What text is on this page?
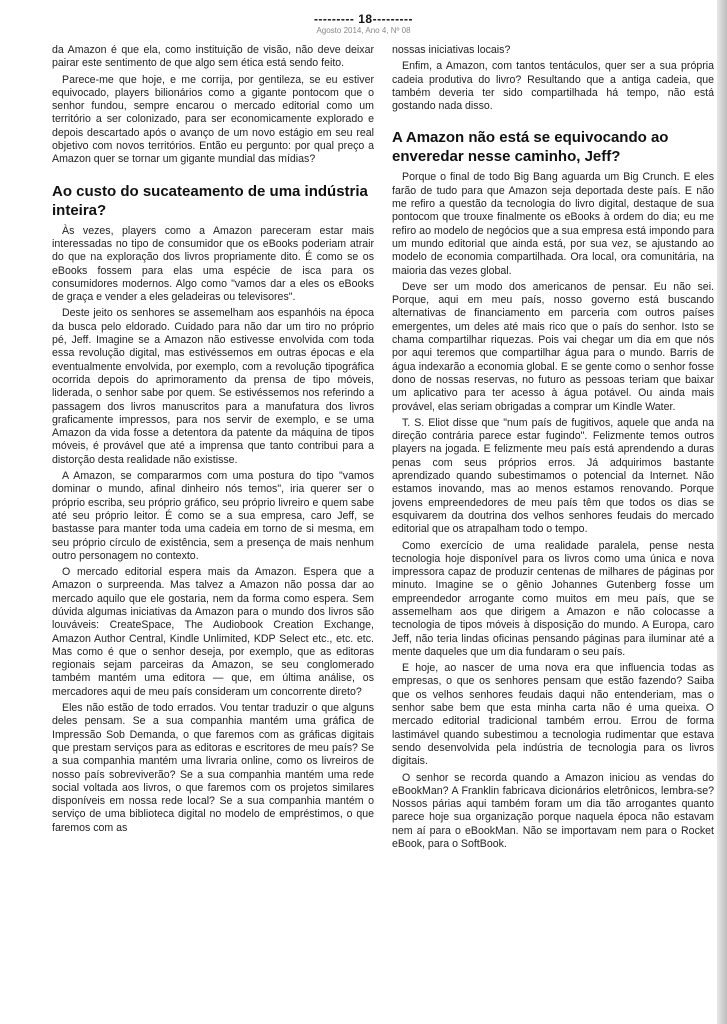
--------- 18---------
Agosto 2014, Ano 4, Nº 08

da Amazon é que ela, como instituição de visão, não deve deixar pairar este sentimento de que algo sem ética está sendo feito.

Parece-me que hoje, e me corrija, por gentileza, se eu estiver equivocado, players bilionários como a gigante pontocom que o senhor fundou, sempre encarou o mercado editorial como um território a ser colonizado, para ser economicamente explorado e depois descartado após o avanço de um novo estágio em seu real objetivo com novos territórios. Então eu pergunto: por qual preço a Amazon quer se tornar um gigante mundial das mídias?

Ao custo do sucateamento de uma indústria inteira?

Às vezes, players como a Amazon pareceram estar mais interessadas no tipo de consumidor que os eBooks poderiam atrair do que na exploração dos livros propriamente dito. É como se os eBooks fossem para elas uma espécie de isca para os consumidores modernos. Algo como "vamos dar a eles os eBooks de graça e vender a eles geladeiras ou televisores".

Deste jeito os senhores se assemelham aos espanhóis na época da busca pelo eldorado. Cuidado para não dar um tiro no próprio pé, Jeff. Imagine se a Amazon não estivesse envolvida com toda essa revolução digital, mas estivéssemos em outras épocas e ela eventualmente envolvida, por exemplo, com a revolução tipográfica ocorrida depois do aprimoramento da prensa de tipo móveis, liderada, o senhor sabe por quem. Se estivéssemos nos referindo a passagem dos livros manuscritos para a manufatura dos livros graficamente impressos, para nos servir de exemplo, e se uma Amazon da vida fosse a detentora da patente da máquina de tipos móveis, é provável que até a imprensa que tanto contribui para a distorção desta realidade não existisse.

A Amazon, se compararmos com uma postura do tipo "vamos dominar o mundo, afinal dinheiro nós temos", iria querer ser o próprio escriba, seu próprio gráfico, seu próprio livreiro e quem sabe até seu próprio leitor. É como se a sua empresa, caro Jeff, se bastasse para manter toda uma cadeia em torno de si mesma, em seu próprio círculo de existência, sem a presença de mais nenhum outro personagem no contexto.

O mercado editorial espera mais da Amazon. Espera que a Amazon o surpreenda. Mas talvez a Amazon não possa dar ao mercado aquilo que ele gostaria, nem da forma como espera. Sem dúvida algumas iniciativas da Amazon para o mundo dos livros são louváveis: CreateSpace, The Audiobook Creation Exchange, Amazon Author Central, Kindle Unlimited, KDP Select etc., etc. etc. Mas como é que o senhor deseja, por exemplo, que as editoras regionais sejam parceiras da Amazon, se seu conglomerado também mantém uma editora — que, em última análise, os mercadores aqui de meu país consideram um concorrente direto?

Eles não estão de todo errados. Vou tentar traduzir o que alguns deles pensam. Se a sua companhia mantém uma gráfica de Impressão Sob Demanda, o que faremos com as gráficas digitais que prestam serviços para as editoras e escritores de meu país? Se a sua companhia mantém uma livraria online, como os livreiros de nosso país sobreviverão? Se a sua companhia mantém uma rede social voltada aos livros, o que faremos com os projetos similares disponíveis em nossa rede local? Se a sua companhia mantém o serviço de uma biblioteca digital no modelo de empréstimos, o que faremos com as

nossas iniciativas locais?

Enfim, a Amazon, com tantos tentáculos, quer ser a sua própria cadeia produtiva do livro? Resultando que a antiga cadeia, que também deveria ter sido compartilhada há tempo, não está gostando nada disso.

A Amazon não está se equivocando ao enveredar nesse caminho, Jeff?

Porque o final de todo Big Bang aguarda um Big Crunch. E eles farão de tudo para que Amazon seja deportada deste país. E não me refiro a questão da tecnologia do livro digital, destaque de sua pontocom que trouxe finalmente os eBooks à ordem do dia; eu me refiro ao modelo de negócios que a sua empresa está impondo para um mundo editorial que ainda está, por sua vez, se ajustando ao modelo de economia compartilhada. Ora local, ora comunitária, na maioria das vezes global.

Deve ser um modo dos americanos de pensar. Eu não sei. Porque, aqui em meu país, nosso governo está buscando alternativas de financiamento em parceria com outros países emergentes, um deles até mais rico que o país do senhor. Isto se chama compartilhar riquezas. Pois vai chegar um dia em que nós por aqui teremos que compartilhar água para o mundo. Barris de água indexarão a economia global. E se gente como o senhor fosse dono de nossas reservas, no futuro as pessoas teriam que baixar um aplicativo para ter acesso à água potável. Ou ainda mais provável, elas seriam obrigadas a comprar um Kindle Water.

T. S. Eliot disse que "num país de fugitivos, aquele que anda na direção contrária parece estar fugindo". Felizmente temos outros players na jogada. E felizmente meu país está aprendendo a duras penas com seus próprios erros. Já adquirimos bastante aprendizado quando subestimamos o potencial da Internet. Não estamos inovando, mas ao menos estamos renovando. Porque jovens empreendedores de meu país têm que todos os dias se esquivarem da doutrina dos velhos senhores feudais do mercado editorial que os atrapalham todo o tempo.

Como exercício de uma realidade paralela, pense nesta tecnologia hoje disponível para os livros como uma única e nova impressora capaz de produzir centenas de milhares de páginas por minuto. Imagine se o gênio Johannes Gutenberg fosse um empreendedor arrogante como muitos em meu país, que se assemelham aos que dirigem a Amazon e não colocasse a tecnologia de tipos móveis à disposição do mundo. A Europa, caro Jeff, não teria lindas oficinas pensando páginas para iluminar até a mente daqueles que um dia fundaram o seu país.

E hoje, ao nascer de uma nova era que influencia todas as empresas, o que os senhores pensam que estão fazendo? Saiba que os velhos senhores feudais daqui não entenderiam, mas o senhor sabe bem que esta minha carta não é uma queixa. O mercado editorial tradicional também errou. Errou de forma lastimável quando subestimou a tecnologia rudimentar que estava sendo desenvolvida pela indústria de tecnologia para os livros digitais.

O senhor se recorda quando a Amazon iniciou as vendas do eBookMan? A Franklin fabricava dicionários eletrônicos, lembra-se? Nossos párias aqui também foram um dia tão arrogantes quanto parece hoje sua organização porque naquela época não estavam nem aí para o eBookMan. Não se importavam nem para o Rocket eBook, para o SoftBook.
